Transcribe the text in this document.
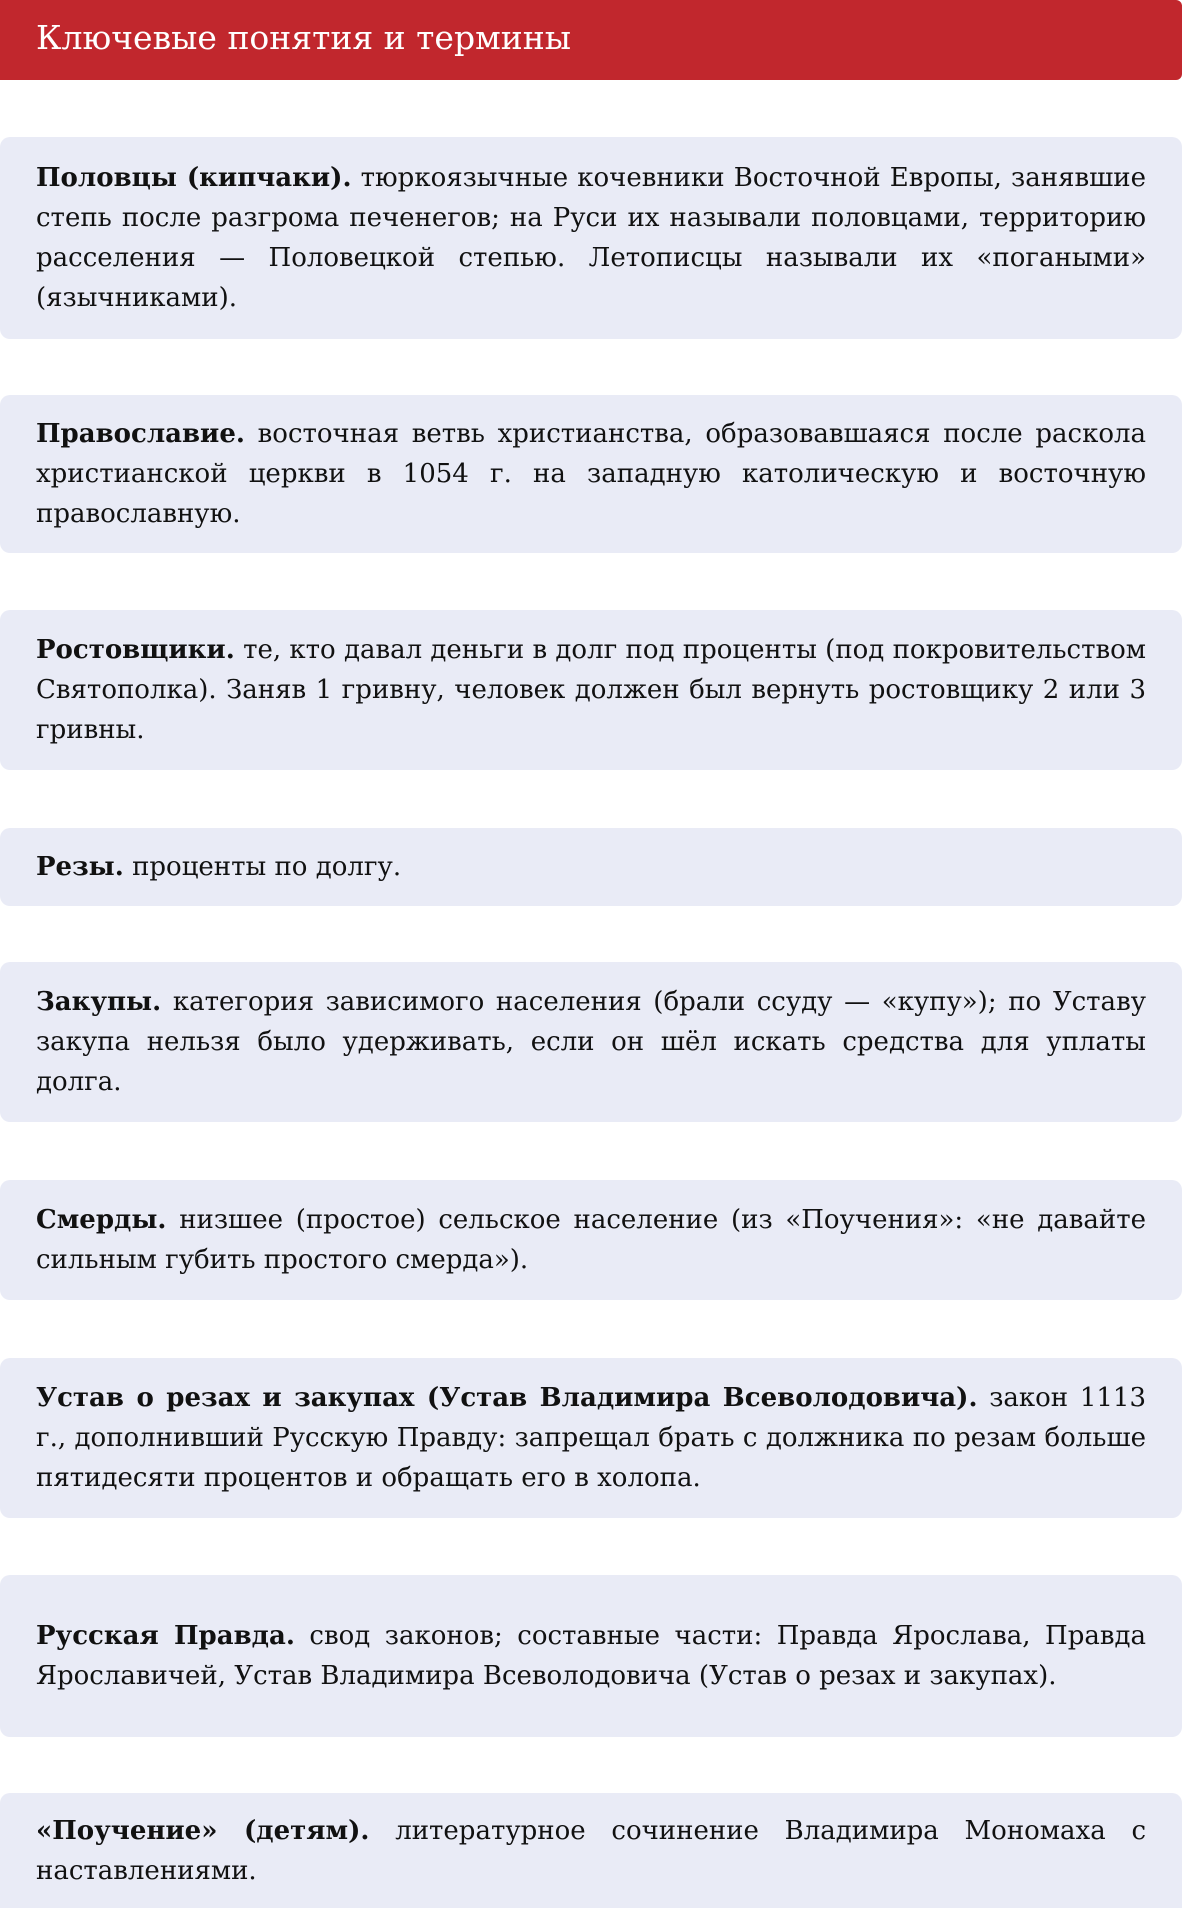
Ключевые понятия и термины

Половцы (кипчаки). тюркоязычные кочевники Восточной Европы, занявшие степь после разгрома печенегов; на Руси их называли половцами, территорию расселения — Половецкой степью. Летописцы называли их «погаными» (язычниками).

Православие. восточная ветвь христианства, образовавшаяся после раскола христианской церкви в 1054 г. на западную католическую и восточную православную.

Ростовщики. те, кто давал деньги в долг под проценты (под покровительством Святополка). Заняв 1 гривну, человек должен был вернуть ростовщику 2 или 3 гривны.

Резы. проценты по долгу.

Закупы. категория зависимого населения (брали ссуду — «купу»); по Уставу закупа нельзя было удерживать, если он шёл искать средства для уплаты долга.

Смерды. низшее (простое) сельское население (из «Поучения»: «не давайте сильным губить простого смерда»).

Устав о резах и закупах (Устав Владимира Всеволодовича). закон 1113 г., дополнивший Русскую Правду: запрещал брать с должника по резам больше пятидесяти процентов и обращать его в холопа.

Русская Правда. свод законов; составные части: Правда Ярослава, Правда Ярославичей, Устав Владимира Всеволодовича (Устав о резах и закупах).

«Поучение» (детям). литературное сочинение Владимира Мономаха с наставлениями.
